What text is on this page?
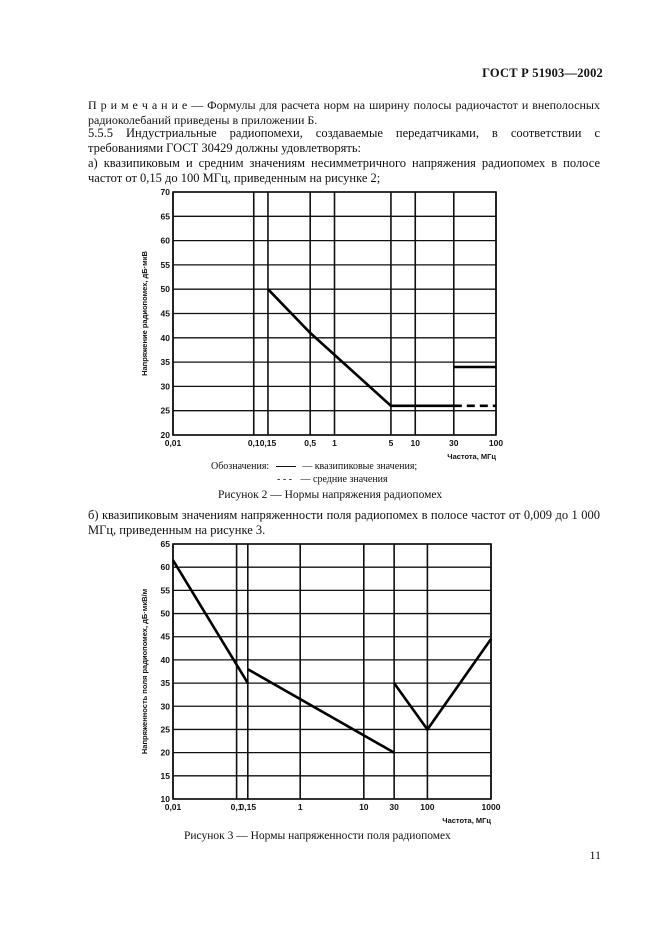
ГОСТ Р 51903—2002
П р и м е ч а н и е — Формулы для расчета норм на ширину полосы радиочастот и внеполосных радиоколебаний приведены в приложении Б.
5.5.5 Индустриальные радиопомехи, создаваемые передатчиками, в соответствии с требованиями ГОСТ 30429 должны удовлетворять:
а) квазипиковым и средним значениям несимметричного напряжения радиопомех в полосе частот от 0,15 до 100 МГц, приведенным на рисунке 2;
0,01	0,1 0,15	0,5 1	5 10	30	100
20
25
30
35
40
45
50
55
60
65
70
Частота, МГц
Напряжение радиопомех, дБ·мкВ
Обозначения:	— квазипиковые значения;
- - - — средние значения
Рисунок 2 — Нормы напряжения радиопомех
б) квазипиковым значениям напряженности поля радиопомех в полосе частот от 0,009 до 1 000 МГц, приведенным на рисунке 3.
0,01	0,1
0,15	1	10 30	100	1000
10
15
20
25
30
35
40
45
50
55
60
65
Частота, МГц
Напряженность поля радиопомех, дБ·мкВ/м
Рисунок 3 — Нормы напряженности поля радиопомех
11
